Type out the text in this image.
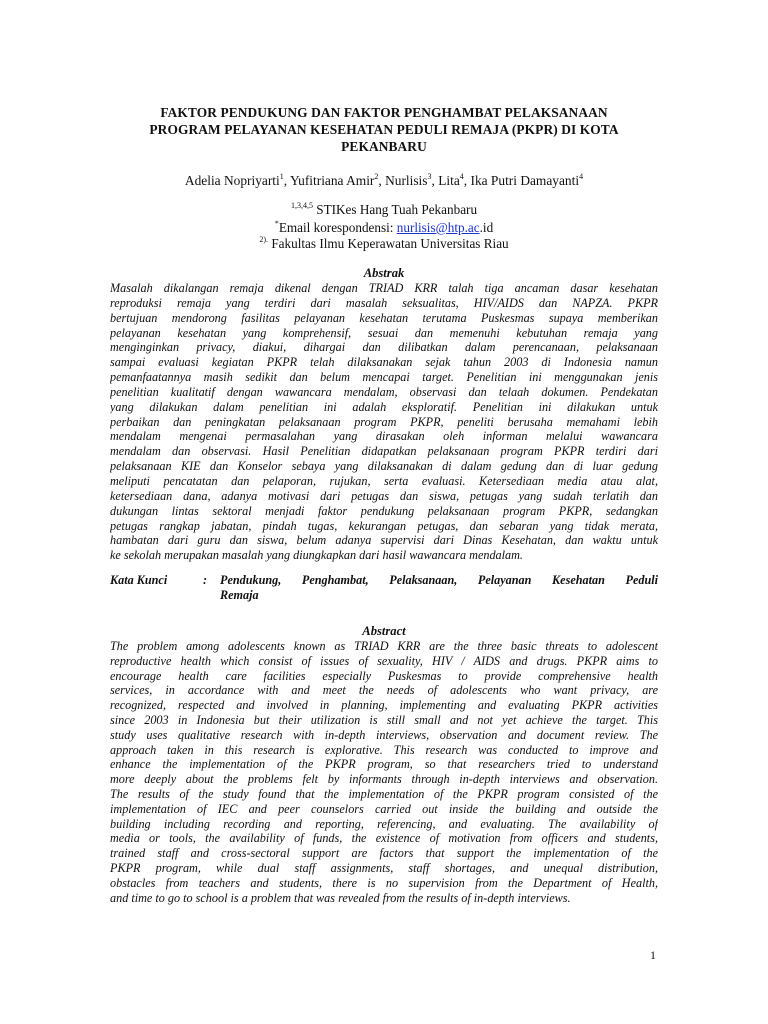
FAKTOR PENDUKUNG DAN FAKTOR PENGHAMBAT PELAKSANAAN
PROGRAM PELAYANAN KESEHATAN PEDULI REMAJA (PKPR) DI KOTA
PEKANBARU
Adelia Nopriyarti$^1$, Yufitriana Amir$^2$, Nurlisis$^3$, Lita$^4$, Ika Putri Damayanti$^4$
$^{1,3,4,5}$ STIKes Hang Tuah Pekanbaru
*Email korespondensi: nurlisis@htp.ac.id
$^{2).}$ Fakultas Ilmu Keperawatan Universitas Riau
Abstrak
Masalah dikalangan remaja dikenal dengan TRIAD KRR talah tiga ancaman dasar kesehatan
reproduksi remaja yang terdiri dari masalah seksualitas, HIV/AIDS dan NAPZA. PKPR
bertujuan mendorong fasilitas pelayanan kesehatan terutama Puskesmas supaya memberikan
pelayanan kesehatan yang komprehensif, sesuai dan memenuhi kebutuhan remaja yang
menginginkan privacy, diakui, dihargai dan dilibatkan dalam perencanaan, pelaksanaan
sampai evaluasi kegiatan PKPR telah dilaksanakan sejak tahun 2003 di Indonesia namun
pemanfaatannya masih sedikit dan belum mencapai target. Penelitian ini menggunakan jenis
penelitian kualitatif dengan wawancara mendalam, observasi dan telaah dokumen. Pendekatan
yang dilakukan dalam penelitian ini adalah eksploratif. Penelitian ini dilakukan untuk
perbaikan dan peningkatan pelaksanaan program PKPR, peneliti berusaha memahami lebih
mendalam mengenai permasalahan yang dirasakan oleh informan melalui wawancara
mendalam dan observasi. Hasil Penelitian didapatkan pelaksanaan program PKPR terdiri dari
pelaksanaan KIE dan Konselor sebaya yang dilaksanakan di dalam gedung dan di luar gedung
meliputi pencatatan dan pelaporan, rujukan, serta evaluasi. Ketersediaan media atau alat,
ketersediaan dana, adanya motivasi dari petugas dan siswa, petugas yang sudah terlatih dan
dukungan lintas sektoral menjadi faktor pendukung pelaksanaan program PKPR, sedangkan
petugas rangkap jabatan, pindah tugas, kekurangan petugas, dan sebaran yang tidak merata,
hambatan dari guru dan siswa, belum adanya supervisi dari Dinas Kesehatan, dan waktu untuk
ke sekolah merupakan masalah yang diungkapkan dari hasil wawancara mendalam.
Kata Kunci	: Pendukung, Penghambat, Pelaksanaan, Pelayanan Kesehatan Peduli
Remaja
Abstract
The problem among adolescents known as TRIAD KRR are the three basic threats to adolescent
reproductive health which consist of issues of sexuality, HIV / AIDS and drugs. PKPR aims to
encourage health care facilities especially Puskesmas to provide comprehensive health
services, in accordance with and meet the needs of adolescents who want privacy, are
recognized, respected and involved in planning, implementing and evaluating PKPR activities
since 2003 in Indonesia but their utilization is still small and not yet achieve the target. This
study uses qualitative research with in-depth interviews, observation and document review. The
approach taken in this research is explorative. This research was conducted to improve and
enhance the implementation of the PKPR program, so that researchers tried to understand
more deeply about the problems felt by informants through in-depth interviews and observation.
The results of the study found that the implementation of the PKPR program consisted of the
implementation of IEC and peer counselors carried out inside the building and outside the
building including recording and reporting, referencing, and evaluating. The availability of
media or tools, the availability of funds, the existence of motivation from officers and students,
trained staff and cross-sectoral support are factors that support the implementation of the
PKPR program, while dual staff assignments, staff shortages, and unequal distribution,
obstacles from teachers and students, there is no supervision from the Department of Health,
and time to go to school is a problem that was revealed from the results of in-depth interviews.
1
